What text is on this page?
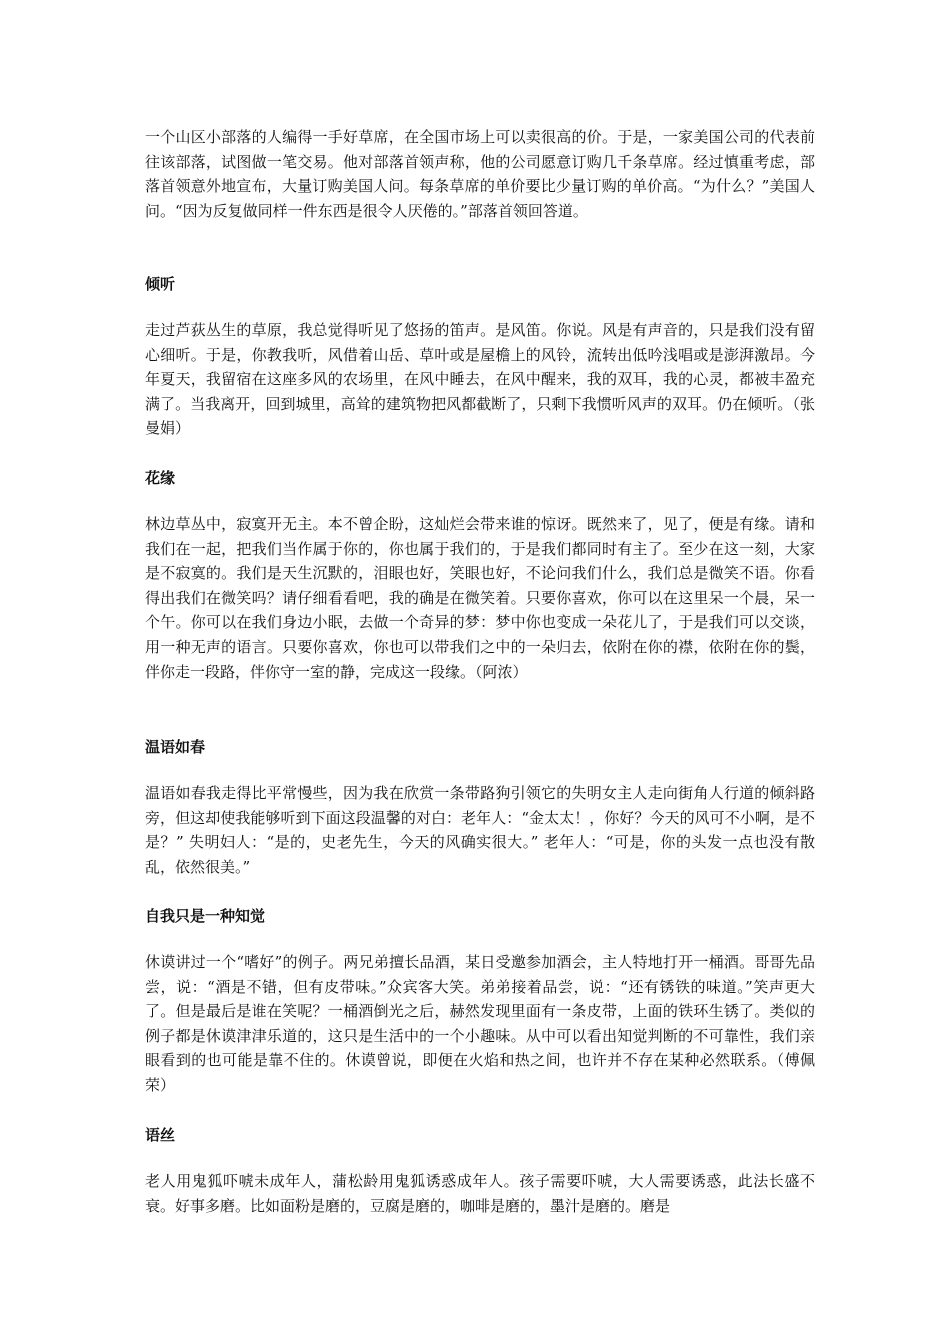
一个山区小部落的人编得一手好草席，在全国市场上可以卖很高的价。于是，一家美国公司的代表前往该部落，试图做一笔交易。他对部落首领声称，他的公司愿意订购几千条草席。经过慎重考虑，部落首领意外地宣布，大量订购美国人问。每条草席的单价要比少量订购的单价高。“为什么？”美国人问。“因为反复做同样一件东西是很令人厌倦的。”部落首领回答道。

倾听

走过芦荻丛生的草原，我总觉得听见了悠扬的笛声。是风笛。你说。风是有声音的，只是我们没有留心细听。于是，你教我听，风借着山岳、草叶或是屋檐上的风铃，流转出低吟浅唱或是澎湃激昂。今年夏天，我留宿在这座多风的农场里，在风中睡去，在风中醒来，我的双耳，我的心灵，都被丰盈充满了。当我离开，回到城里，高耸的建筑物把风都截断了，只剩下我惯听风声的双耳。仍在倾听。（张曼娟）

花缘

林边草丛中，寂寞开无主。本不曾企盼，这灿烂会带来谁的惊讶。既然来了，见了，便是有缘。请和我们在一起，把我们当作属于你的，你也属于我们的，于是我们都同时有主了。至少在这一刻，大家是不寂寞的。我们是天生沉默的，泪眼也好，笑眼也好，不论问我们什么，我们总是微笑不语。你看得出我们在微笑吗？请仔细看看吧，我的确是在微笑着。只要你喜欢，你可以在这里呆一个晨，呆一个午。你可以在我们身边小眠，去做一个奇异的梦：梦中你也变成一朵花儿了，于是我们可以交谈，用一种无声的语言。只要你喜欢，你也可以带我们之中的一朵归去，依附在你的襟，依附在你的鬓，伴你走一段路，伴你守一室的静，完成这一段缘。（阿浓）

温语如春

温语如春我走得比平常慢些，因为我在欣赏一条带路狗引领它的失明女主人走向街角人行道的倾斜路旁，但这却使我能够听到下面这段温馨的对白：老年人：“金太太！，你好？今天的风可不小啊，是不是？” 失明妇人：“是的，史老先生，今天的风确实很大。” 老年人：“可是，你的头发一点也没有散乱，依然很美。”

自我只是一种知觉

休谟讲过一个“嗜好”的例子。两兄弟擅长品酒，某日受邀参加酒会，主人特地打开一桶酒。哥哥先品尝，说：“酒是不错，但有皮带味。”众宾客大笑。弟弟接着品尝，说：“还有锈铁的味道。”笑声更大了。但是最后是谁在笑呢？一桶酒倒光之后，赫然发现里面有一条皮带，上面的铁环生锈了。类似的例子都是休谟津津乐道的，这只是生活中的一个小趣味。从中可以看出知觉判断的不可靠性，我们亲眼看到的也可能是靠不住的。休谟曾说，即便在火焰和热之间，也许并不存在某种必然联系。（傅佩荣）

语丝

老人用鬼狐吓唬未成年人，蒲松龄用鬼狐诱惑成年人。孩子需要吓唬，大人需要诱惑，此法长盛不衰。好事多磨。比如面粉是磨的，豆腐是磨的，咖啡是磨的，墨汁是磨的。磨是
